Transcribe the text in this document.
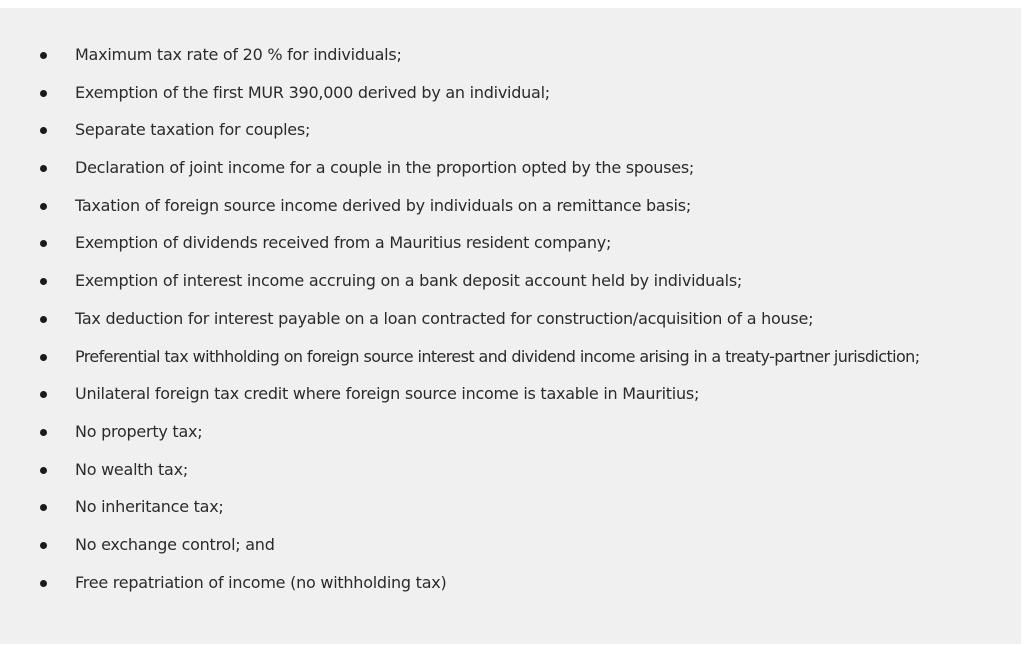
Maximum tax rate of 20 % for individuals;
Exemption of the first MUR 390,000 derived by an individual;
Separate taxation for couples;
Declaration of joint income for a couple in the proportion opted by the spouses;
Taxation of foreign source income derived by individuals on a remittance basis;
Exemption of dividends received from a Mauritius resident company;
Exemption of interest income accruing on a bank deposit account held by individuals;
Tax deduction for interest payable on a loan contracted for construction/acquisition of a house;
Preferential tax withholding on foreign source interest and dividend income arising in a treaty-partner jurisdiction;
Unilateral foreign tax credit where foreign source income is taxable in Mauritius;
No property tax;
No wealth tax;
No inheritance tax;
No exchange control; and
Free repatriation of income (no withholding tax)
